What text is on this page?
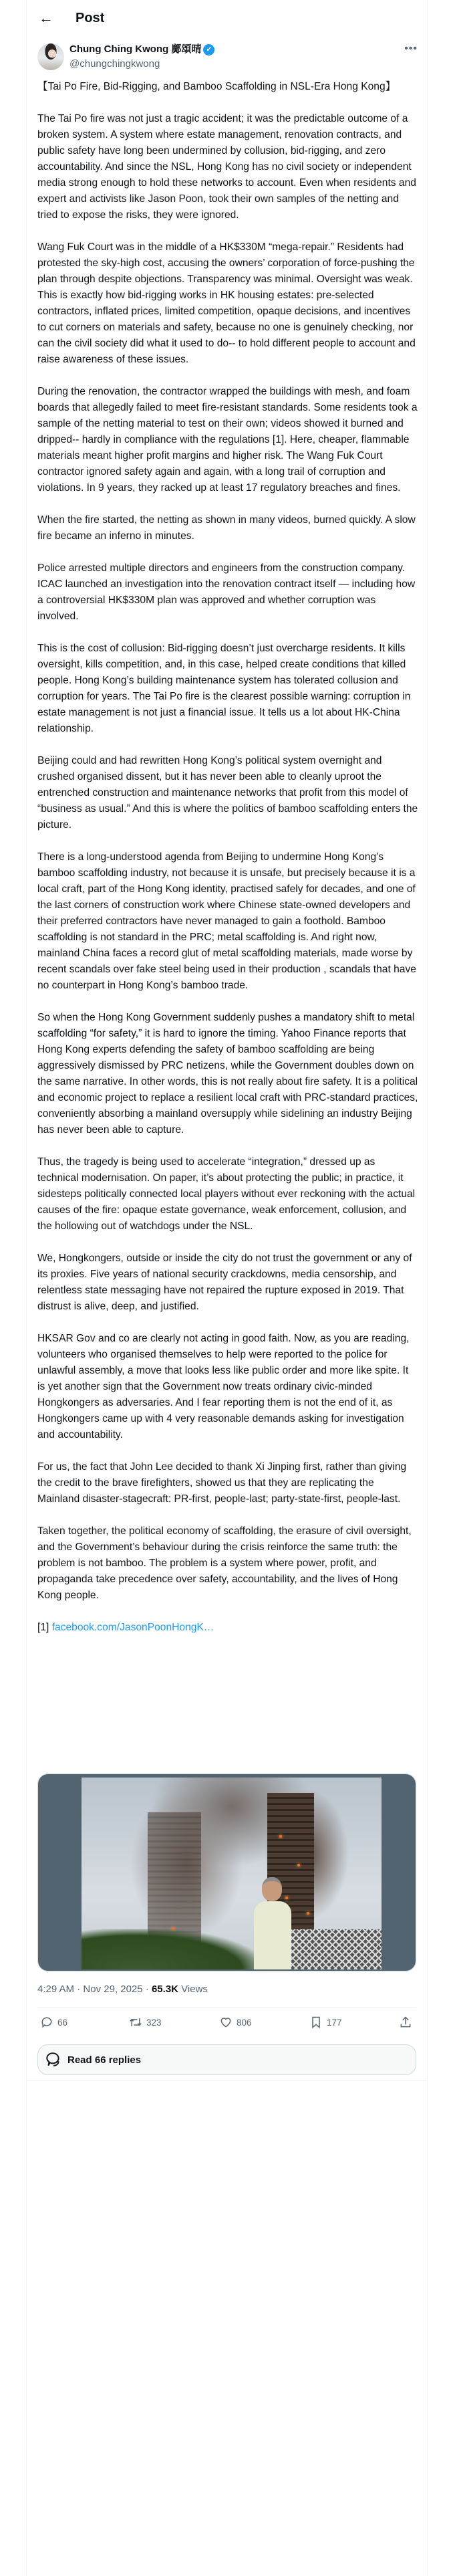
← Post
Chung Ching Kwong 鄺頌晴 ✓
@chungchingkwong
•••

【Tai Po Fire, Bid-Rigging, and Bamboo Scaffolding in NSL-Era Hong Kong】

The Tai Po fire was not just a tragic accident; it was the predictable outcome of a broken system. A system where estate management, renovation contracts, and public safety have long been undermined by collusion, bid-rigging, and zero accountability. And since the NSL, Hong Kong has no civil society or independent media strong enough to hold these networks to account. Even when residents and expert and activists like Jason Poon, took their own samples of the netting and tried to expose the risks, they were ignored.

Wang Fuk Court was in the middle of a HK$330M “mega-repair.” Residents had protested the sky-high cost, accusing the owners’ corporation of force-pushing the plan through despite objections. Transparency was minimal. Oversight was weak. This is exactly how bid-rigging works in HK housing estates: pre-selected contractors, inflated prices, limited competition, opaque decisions, and incentives to cut corners on materials and safety, because no one is genuinely checking, nor can the civil society did what it used to do-- to hold different people to account and raise awareness of these issues.

During the renovation, the contractor wrapped the buildings with mesh, and foam boards that allegedly failed to meet fire-resistant standards. Some residents took a sample of the netting material to test on their own; videos showed it burned and dripped-- hardly in compliance with the regulations [1]. Here, cheaper, flammable materials meant higher profit margins and higher risk. The Wang Fuk Court contractor ignored safety again and again, with a long trail of corruption and violations. In 9 years, they racked up at least 17 regulatory breaches and fines.

When the fire started, the netting as shown in many videos, burned quickly. A slow fire became an inferno in minutes.

Police arrested multiple directors and engineers from the construction company. ICAC launched an investigation into the renovation contract itself — including how a controversial HK$330M plan was approved and whether corruption was involved.

This is the cost of collusion: Bid-rigging doesn’t just overcharge residents. It kills oversight, kills competition, and, in this case, helped create conditions that killed people. Hong Kong’s building maintenance system has tolerated collusion and corruption for years. The Tai Po fire is the clearest possible warning: corruption in estate management is not just a financial issue. It tells us a lot about HK-China relationship.

Beijing could and had rewritten Hong Kong’s political system overnight and crushed organised dissent, but it has never been able to cleanly uproot the entrenched construction and maintenance networks that profit from this model of “business as usual.” And this is where the politics of bamboo scaffolding enters the picture.

There is a long-understood agenda from Beijing to undermine Hong Kong’s bamboo scaffolding industry, not because it is unsafe, but precisely because it is a local craft, part of the Hong Kong identity, practised safely for decades, and one of the last corners of construction work where Chinese state-owned developers and their preferred contractors have never managed to gain a foothold. Bamboo scaffolding is not standard in the PRC; metal scaffolding is. And right now, mainland China faces a record glut of metal scaffolding materials, made worse by recent scandals over fake steel being used in their production , scandals that have no counterpart in Hong Kong’s bamboo trade.

So when the Hong Kong Government suddenly pushes a mandatory shift to metal scaffolding “for safety,” it is hard to ignore the timing. Yahoo Finance reports that Hong Kong experts defending the safety of bamboo scaffolding are being aggressively dismissed by PRC netizens, while the Government doubles down on the same narrative. In other words, this is not really about fire safety. It is a political and economic project to replace a resilient local craft with PRC-standard practices, conveniently absorbing a mainland oversupply while sidelining an industry Beijing has never been able to capture.

Thus, the tragedy is being used to accelerate “integration,” dressed up as technical modernisation. On paper, it’s about protecting the public; in practice, it sidesteps politically connected local players without ever reckoning with the actual causes of the fire: opaque estate governance, weak enforcement, collusion, and the hollowing out of watchdogs under the NSL.

We, Hongkongers, outside or inside the city do not trust the government or any of its proxies. Five years of national security crackdowns, media censorship, and relentless state messaging have not repaired the rupture exposed in 2019. That distrust is alive, deep, and justified.

HKSAR Gov and co are clearly not acting in good faith. Now, as you are reading, volunteers who organised themselves to help were reported to the police for unlawful assembly, a move that looks less like public order and more like spite. It is yet another sign that the Government now treats ordinary civic-minded Hongkongers as adversaries. And I fear reporting them is not the end of it, as Hongkongers came up with 4 very reasonable demands asking for investigation and accountability.

For us, the fact that John Lee decided to thank Xi Jinping first, rather than giving the credit to the brave firefighters, showed us that they are replicating the Mainland disaster-stagecraft: PR-first, people-last; party-state-first, people-last.

Taken together, the political economy of scaffolding, the erasure of civil oversight, and the Government’s behaviour during the crisis reinforce the same truth: the problem is not bamboo. The problem is a system where power, profit, and propaganda take precedence over safety, accountability, and the lives of Hong Kong people.

[1] facebook.com/JasonPoonHongK…

4:29 AM · Nov 29, 2025 · 65.3K Views
66	323	806	177
Read 66 replies
